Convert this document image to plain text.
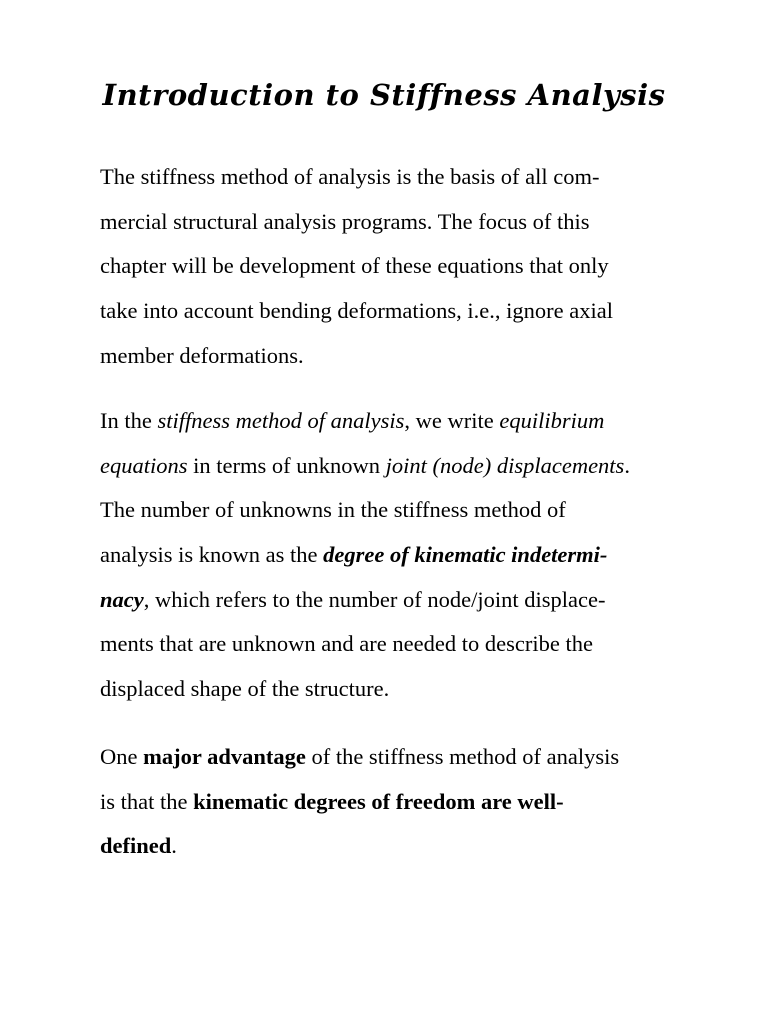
Introduction to Stiffness Analysis
The stiffness method of analysis is the basis of all com-
mercial structural analysis programs. The focus of this
chapter will be development of these equations that only
take into account bending deformations, i.e., ignore axial
member deformations.
In the stiffness method of analysis, we write equilibrium
equations in terms of unknown joint (node) displacements.
The number of unknowns in the stiffness method of
analysis is known as the degree of kinematic indetermi-
nacy, which refers to the number of node/joint displace-
ments that are unknown and are needed to describe the
displaced shape of the structure.
One major advantage of the stiffness method of analysis
is that the kinematic degrees of freedom are well-
defined.
